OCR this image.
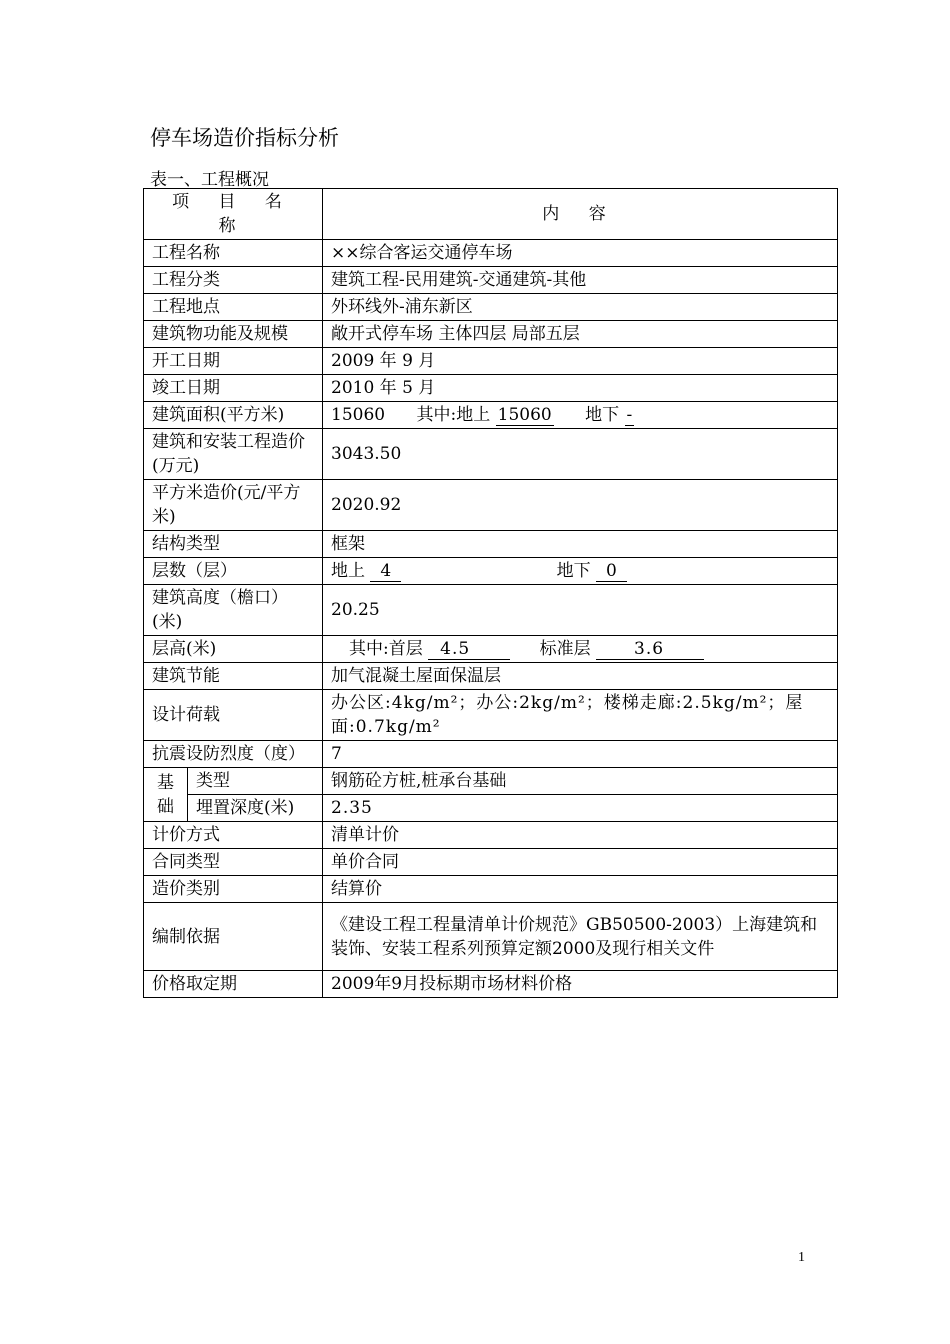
停车场造价指标分析
表一、工程概况
项 目 名 称		内 容
工程名称		××综合客运交通停车场
工程分类		建筑工程-民用建筑-交通建筑-其他
工程地点		外环线外-浦东新区
建筑物功能及规模		敞开式停车场 主体四层 局部五层
开工日期		2009 年 9 月
竣工日期		2010 年 5 月
建筑面积(平方米)		15060 其中:地上 15060 地下 -
建筑和安装工程造价(万元)		3043.50
平方米造价(元/平方米)		2020.92
结构类型		框架
层数（层）		地上 4 地下 0
建筑高度（檐口）(米)		20.25
层高(米)		其中:首层 4.5 标准层 3.6
建筑节能		加气混凝土屋面保温层
设计荷载		办公区:4kg/m²；办公:2kg/m²；楼梯走廊:2.5kg/m²；屋面:0.7kg/m²
抗震设防烈度（度）		7
基础	类型	钢筋砼方桩,桩承台基础
	埋置深度(米)	2.35
计价方式		清单计价
合同类型		单价合同
造价类别		结算价
编制依据		《建设工程工程量清单计价规范》GB50500-2003）上海建筑和装饰、安装工程系列预算定额2000及现行相关文件
价格取定期		2009年9月投标期市场材料价格
1
